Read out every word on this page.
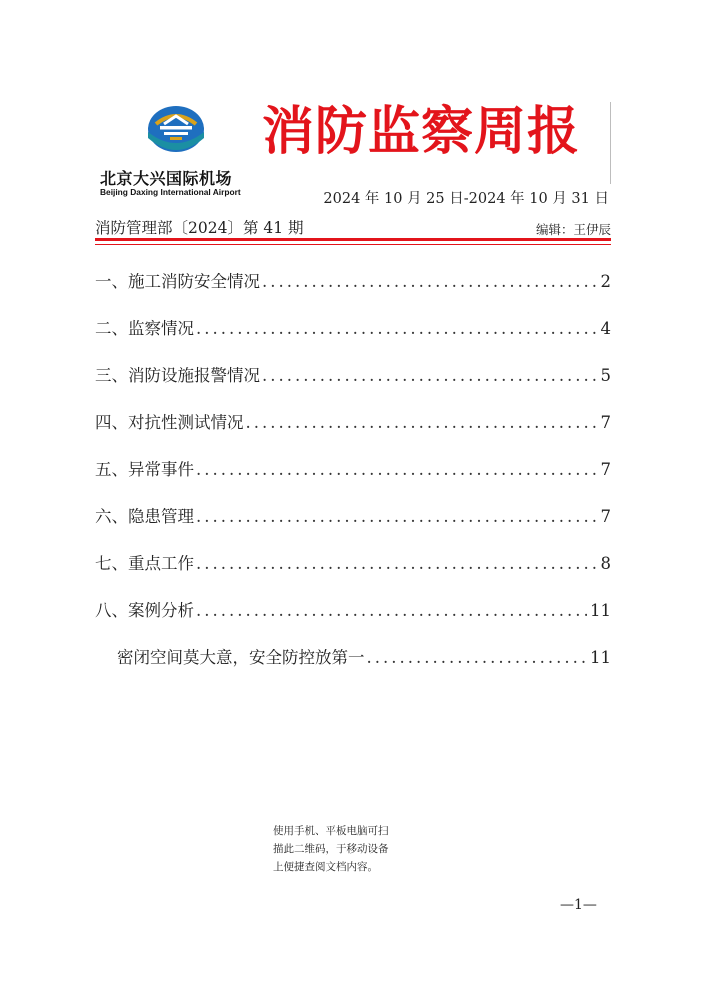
北京大兴国际机场
Beijing Daxing International Airport
消防监察周报
2024 年 10 月 25 日-2024 年 10 月 31 日
消防管理部〔2024〕第 41 期	编辑：王伊辰
一、施工消防安全情况 .....	2
二、监察情况 .....	4
三、消防设施报警情况 .....	5
四、对抗性测试情况 .....	7
五、异常事件 .....	7
六、隐患管理 .....	7
七、重点工作 .....	8
八、案例分析 .....	11
密闭空间莫大意，安全防控放第一 .....	11
使用手机、平板电脑可扫
描此二维码，于移动设备
上便捷查阅文档内容。
—1—
